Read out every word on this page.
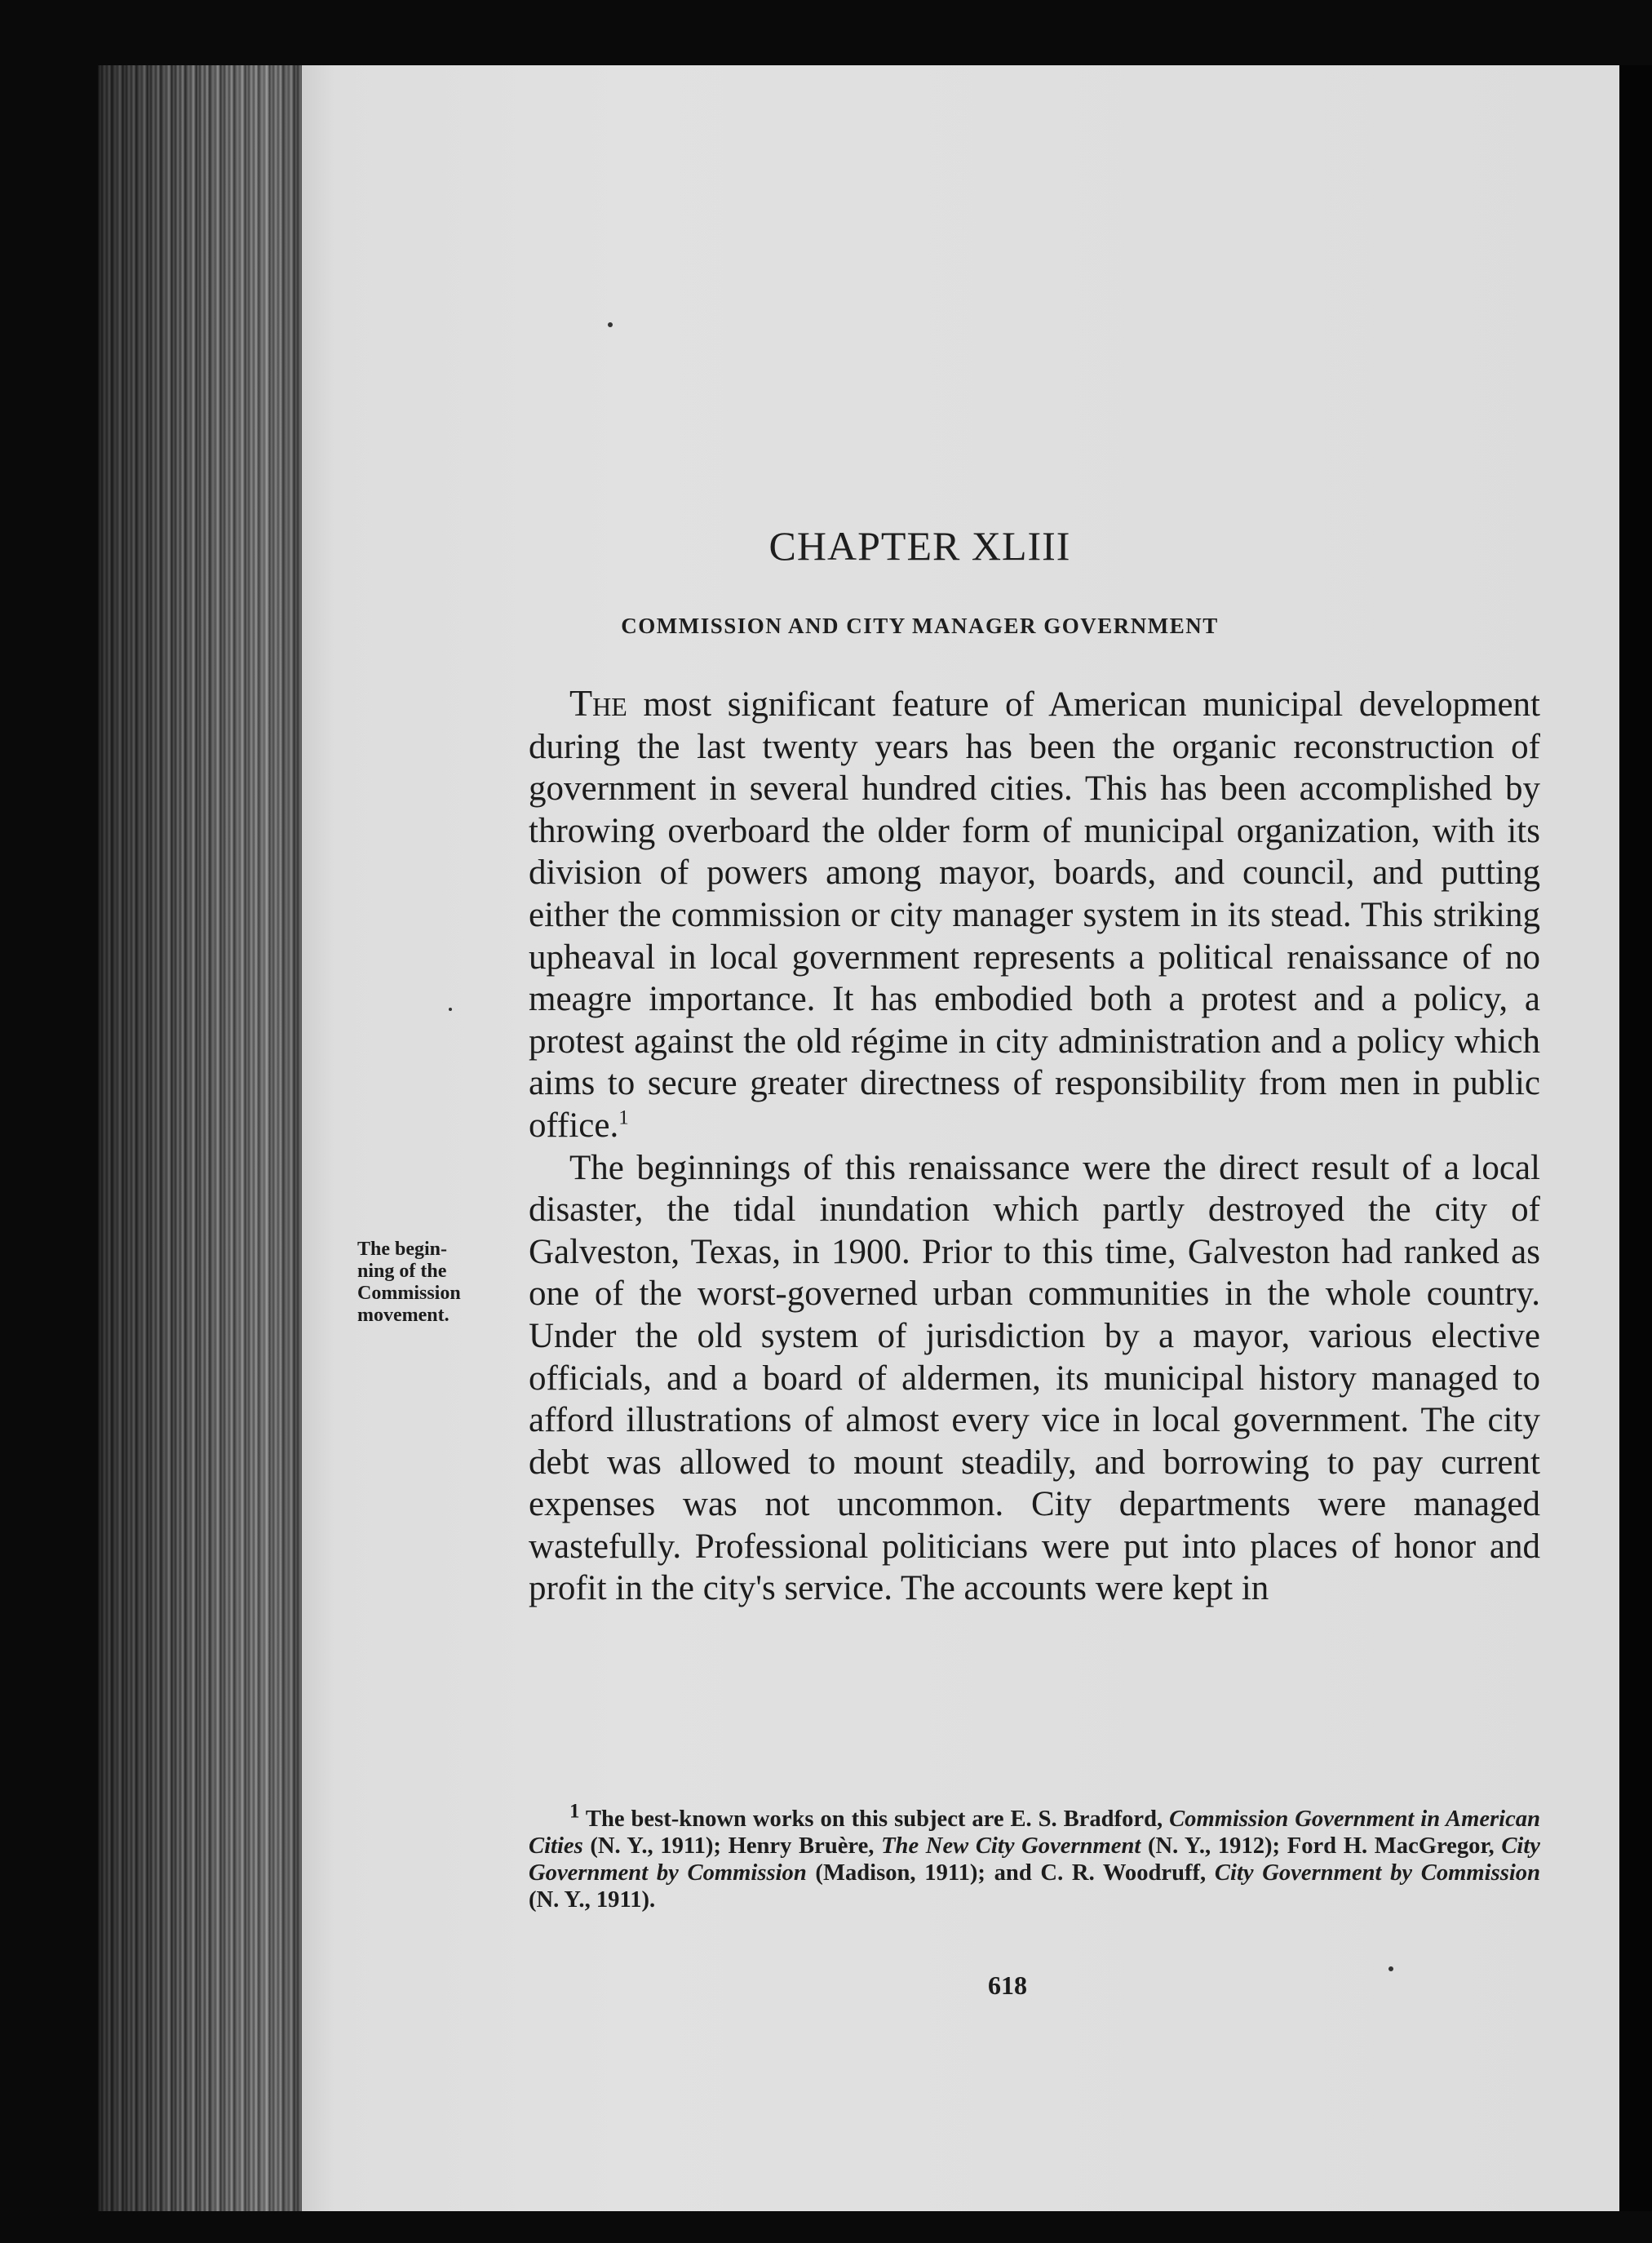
CHAPTER XLIII
COMMISSION AND CITY MANAGER GOVERNMENT

The most significant feature of American municipal development during the last twenty years has been the organic reconstruction of government in several hundred cities. This has been accomplished by throwing overboard the older form of municipal organization, with its division of powers among mayor, boards, and council, and putting either the commission or city manager system in its stead. This striking upheaval in local government represents a political renaissance of no meagre importance. It has embodied both a protest and a policy, a protest against the old régime in city administration and a policy which aims to secure greater directness of responsibility from men in public office.$^1$

The beginnings of this renaissance were the direct result of a local disaster, the tidal inundation which partly destroyed the city of Galveston, Texas, in 1900. Prior to this time, Galveston had ranked as one of the worst-governed urban communities in the whole country. Under the old system of jurisdiction by a mayor, various elective officials, and a board of aldermen, its municipal history managed to afford illustrations of almost every vice in local government. The city debt was allowed to mount steadily, and borrowing to pay current expenses was not uncommon. City departments were managed wastefully. Professional politicians were put into places of honor and profit in the city's service. The accounts were kept in

The begin-
ning of the
Commission
movement.
1 The best-known works on this subject are E. S. Bradford, Commission Government in American Cities (N. Y., 1911); Henry Bruère, The New City Government (N. Y., 1912); Ford H. MacGregor, City Government by Commission (Madison, 1911); and C. R. Woodruff, City Government by Commission (N. Y., 1911).
618
